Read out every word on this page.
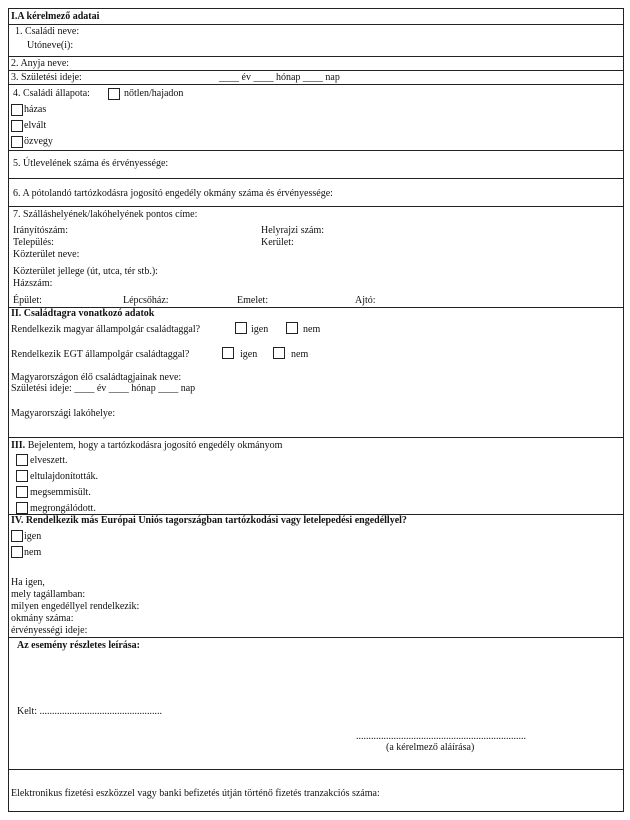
I.A kérelmező adatai
1. Családi neve:
Utóneve(i):
2. Anyja neve:
3. Születési ideje:	____ év ____ hónap ____ nap
4. Családi állapota:	nőtlen/hajadon
házas
elvált
özvegy
5. Útlevelének száma és érvényessége:
6. A pótolandó tartózkodásra jogosító engedély okmány száma és érvényessége:
7. Szálláshelyének/lakóhelyének pontos címe:
Irányítószám:	Helyrajzi szám:
Település:	Kerület:
Közterület neve:
Közterület jellege (út, utca, tér stb.):
Házszám:
Épület:	Lépcsőház:	Emelet:	Ajtó:
II. Családtagra vonatkozó adatok
Rendelkezik magyar állampolgár családtaggal?	igen	nem
Rendelkezik EGT állampolgár családtaggal?	igen	nem
Magyarországon élő családtagjainak neve:
Születési ideje: ____ év ____ hónap ____ nap
Magyarországi lakóhelye:
III. Bejelentem, hogy a tartózkodásra jogosító engedély okmányom
elveszett.
eltulajdonították.
megsemmisült.
megrongálódott.
IV. Rendelkezik más Európai Uniós tagországban tartózkodási vagy letelepedési engedéllyel?
igen
nem
Ha igen,
mely tagállamban:
milyen engedéllyel rendelkezik:
okmány száma:
érvényességi ideje:
Az esemény részletes leírása:
Kelt: .................................................
....................................................................
(a kérelmező aláírása)
Elektronikus fizetési eszközzel vagy banki befizetés útján történő fizetés tranzakciós száma:
